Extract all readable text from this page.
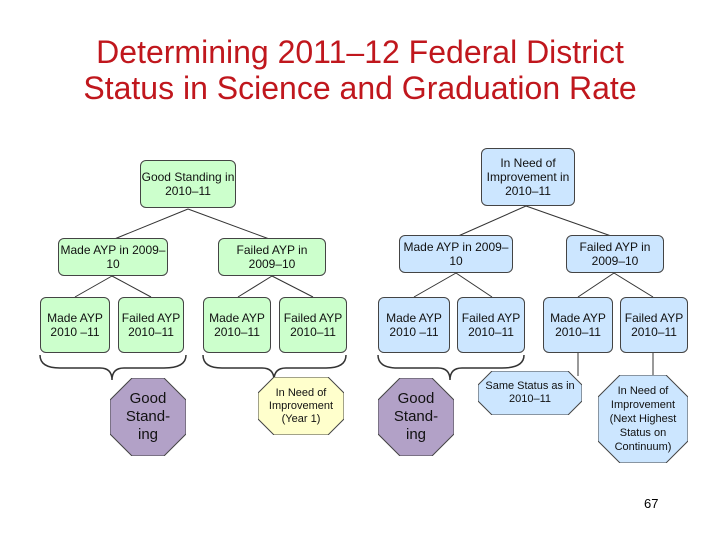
Determining 2011–12 Federal District
Status in Science and Graduation Rate
Good Standing in 2010–11
In Need of Improvement in 2010–11
Made AYP in 2009–10
Failed AYP in 2009–10
Made AYP in 2009–10
Failed AYP in 2009–10
Made AYP 2010 –11
Failed AYP 2010–11
Made AYP 2010–11
Failed AYP 2010–11
Made AYP 2010 –11
Failed AYP 2010–11
Made AYP 2010–11
Failed AYP 2010–11
Good Stand-ing
In Need of Improvement (Year 1)
Good Stand-ing
Same Status as in 2010–11
In Need of Improvement (Next Highest Status on Continuum)
67
